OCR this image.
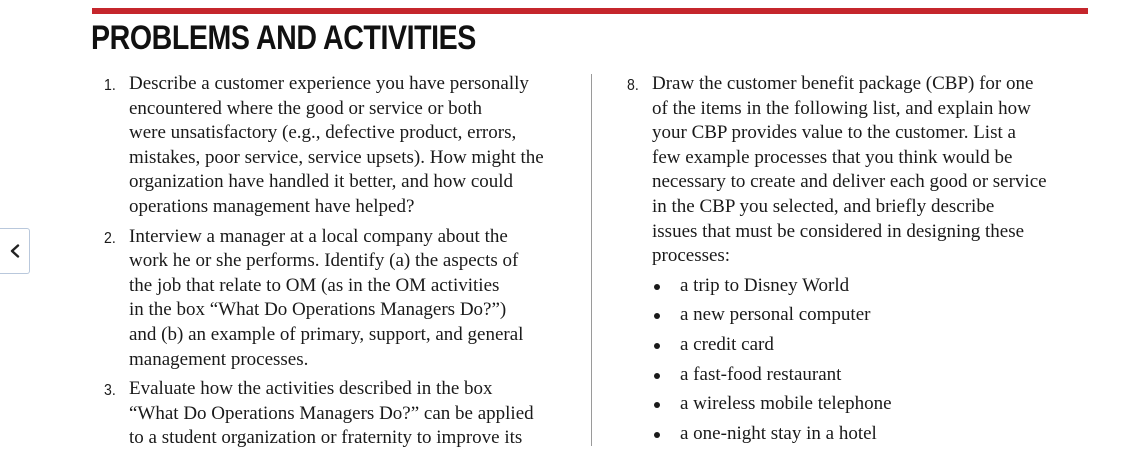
PROBLEMS AND ACTIVITIES
1. Describe a customer experience you have personally
encountered where the good or service or both
were unsatisfactory (e.g., defective product, errors,
mistakes, poor service, service upsets). How might the
organization have handled it better, and how could
operations management have helped?
2. Interview a manager at a local company about the
work he or she performs. Identify (a) the aspects of
the job that relate to OM (as in the OM activities
in the box “What Do Operations Managers Do?”)
and (b) an example of primary, support, and general
management processes.
3. Evaluate how the activities described in the box
“What Do Operations Managers Do?” can be applied
to a student organization or fraternity to improve its
8. Draw the customer benefit package (CBP) for one
of the items in the following list, and explain how
your CBP provides value to the customer. List a
few example processes that you think would be
necessary to create and deliver each good or service
in the CBP you selected, and briefly describe
issues that must be considered in designing these
processes:
a trip to Disney World
a new personal computer
a credit card
a fast-food restaurant
a wireless mobile telephone
a one-night stay in a hotel
